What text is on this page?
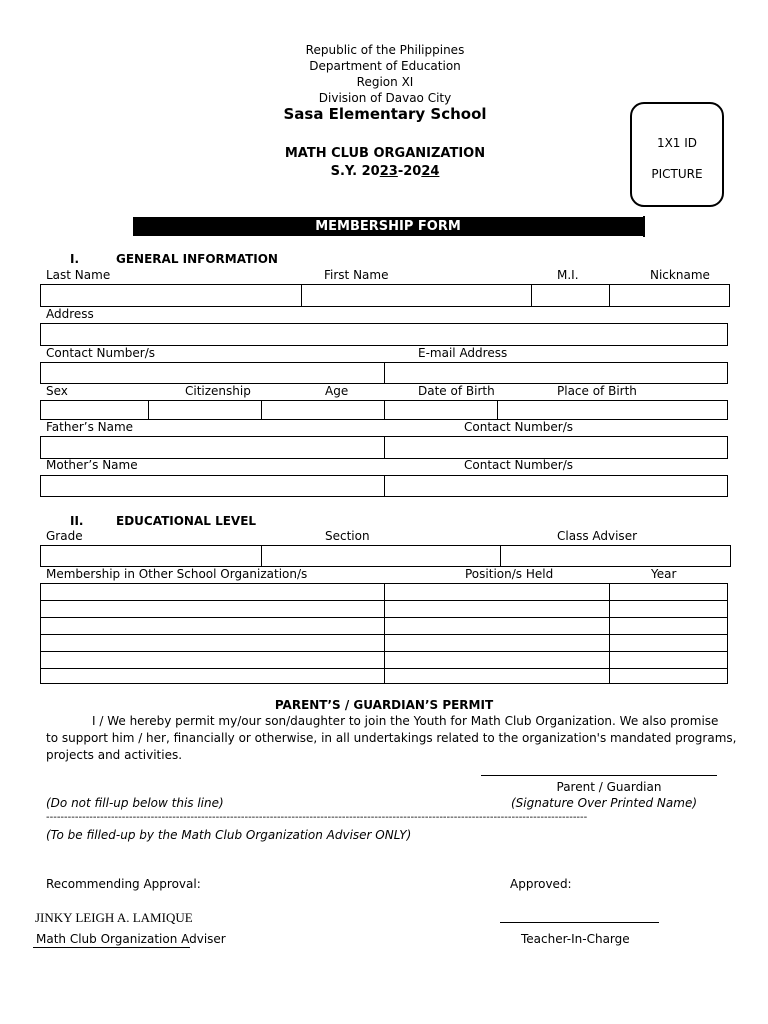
Republic of the Philippines
Department of Education
Region XI
Division of Davao City
Sasa Elementary School
MATH CLUB ORGANIZATION
S.Y. 2023-2024
1X1 ID
PICTURE
MEMBERSHIP FORM
I.	GENERAL INFORMATION
Last Name	First Name	M.I.	Nickname
Address
Contact Number/s	E-mail Address
Sex	Citizenship	Age	Date of Birth	Place of Birth
Father’s Name	Contact Number/s
Mother’s Name	Contact Number/s
II.	EDUCATIONAL LEVEL
Grade	Section	Class Adviser
Membership in Other School Organization/s	Position/s Held	Year
PARENT’S / GUARDIAN’S PERMIT
I / We hereby permit my/our son/daughter to join the Youth for Math Club Organization. We also promise
to support him / her, financially or otherwise, in all undertakings related to the organization's mandated programs,
projects and activities.
Parent / Guardian
(Signature Over Printed Name)
(Do not fill-up below this line)
------------------------------------------------------------------------------------------------------------------------------------------------------
(To be filled-up by the Math Club Organization Adviser ONLY)
Recommending Approval:	Approved:
JINKY LEIGH A. LAMIQUE
Math Club Organization Adviser	Teacher-In-Charge
